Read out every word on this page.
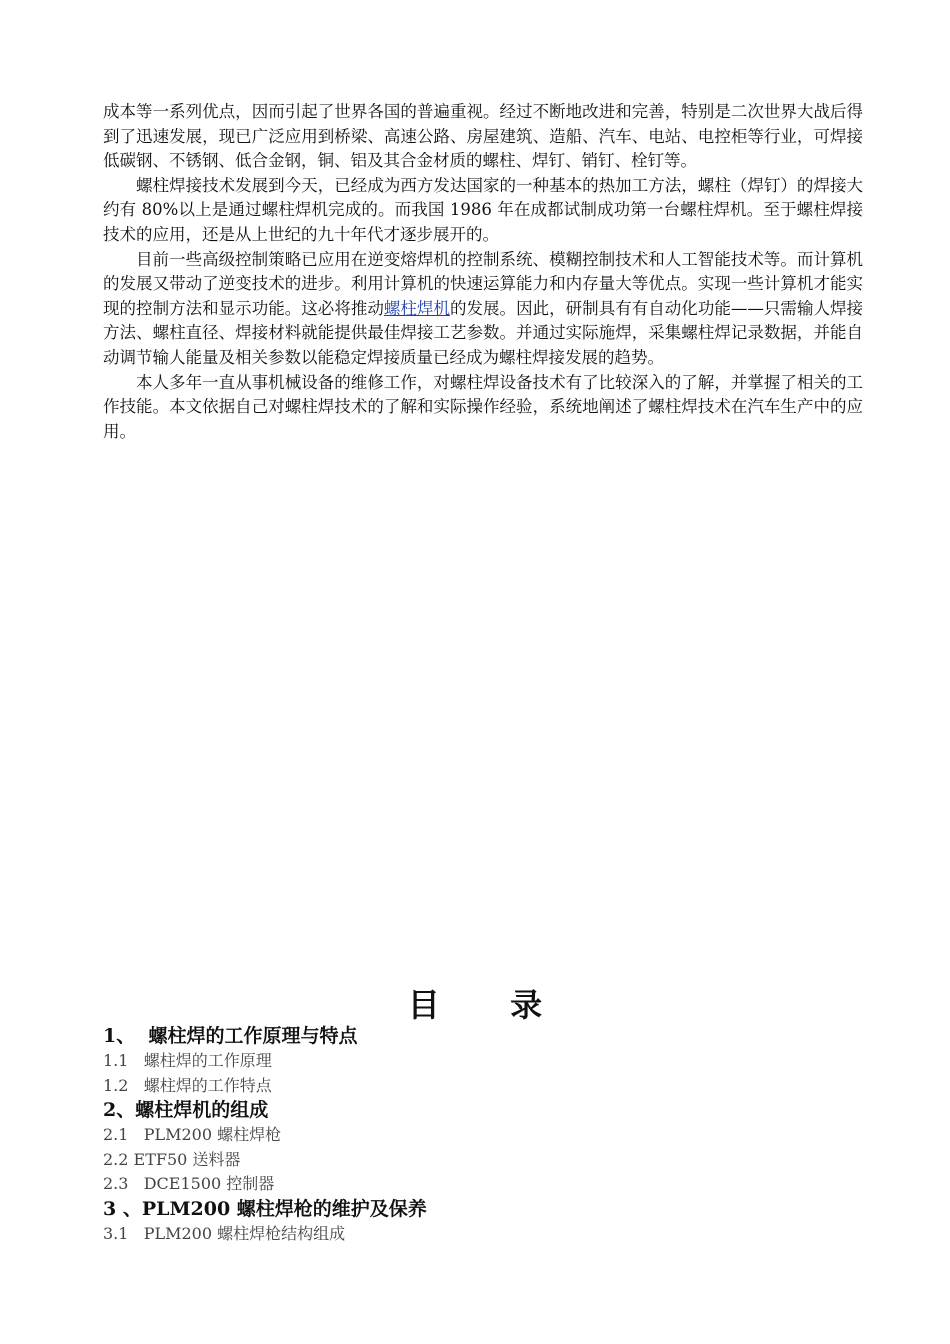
成本等一系列优点，因而引起了世界各国的普遍重视。经过不断地改进和完善，特别是二次世界大战后得到了迅速发展，现已广泛应用到桥梁、高速公路、房屋建筑、造船、汽车、电站、电控柜等行业，可焊接低碳钢、不锈钢、低合金钢，铜、铝及其合金材质的螺柱、焊钉、销钉、栓钉等。

螺柱焊接技术发展到今天，已经成为西方发达国家的一种基本的热加工方法，螺柱（焊钉）的焊接大约有 80%以上是通过螺柱焊机完成的。而我国 1986 年在成都试制成功第一台螺柱焊机。至于螺柱焊接技术的应用，还是从上世纪的九十年代才逐步展开的。

目前一些高级控制策略已应用在逆变熔焊机的控制系统、模糊控制技术和人工智能技术等。而计算机的发展又带动了逆变技术的进步。利用计算机的快速运算能力和内存量大等优点。实现一些计算机才能实现的控制方法和显示功能。这必将推动螺柱焊机的发展。因此，研制具有有自动化功能——只需输人焊接方法、螺柱直径、焊接材料就能提供最佳焊接工艺参数。并通过实际施焊，采集螺柱焊记录数据，并能自动调节输人能量及相关参数以能稳定焊接质量已经成为螺柱焊接发展的趋势。

本人多年一直从事机械设备的维修工作，对螺柱焊设备技术有了比较深入的了解，并掌握了相关的工作技能。本文依据自己对螺柱焊技术的了解和实际操作经验，系统地阐述了螺柱焊技术在汽车生产中的应用。

目录
1、  螺柱焊的工作原理与特点
1.1   螺柱焊的工作原理
1.2   螺柱焊的工作特点
2、螺柱焊机的组成
2.1   PLM200 螺柱焊枪
2.2 ETF50 送料器
2.3   DCE1500 控制器
3 、PLM200 螺柱焊枪的维护及保养
3.1   PLM200 螺柱焊枪结构组成
